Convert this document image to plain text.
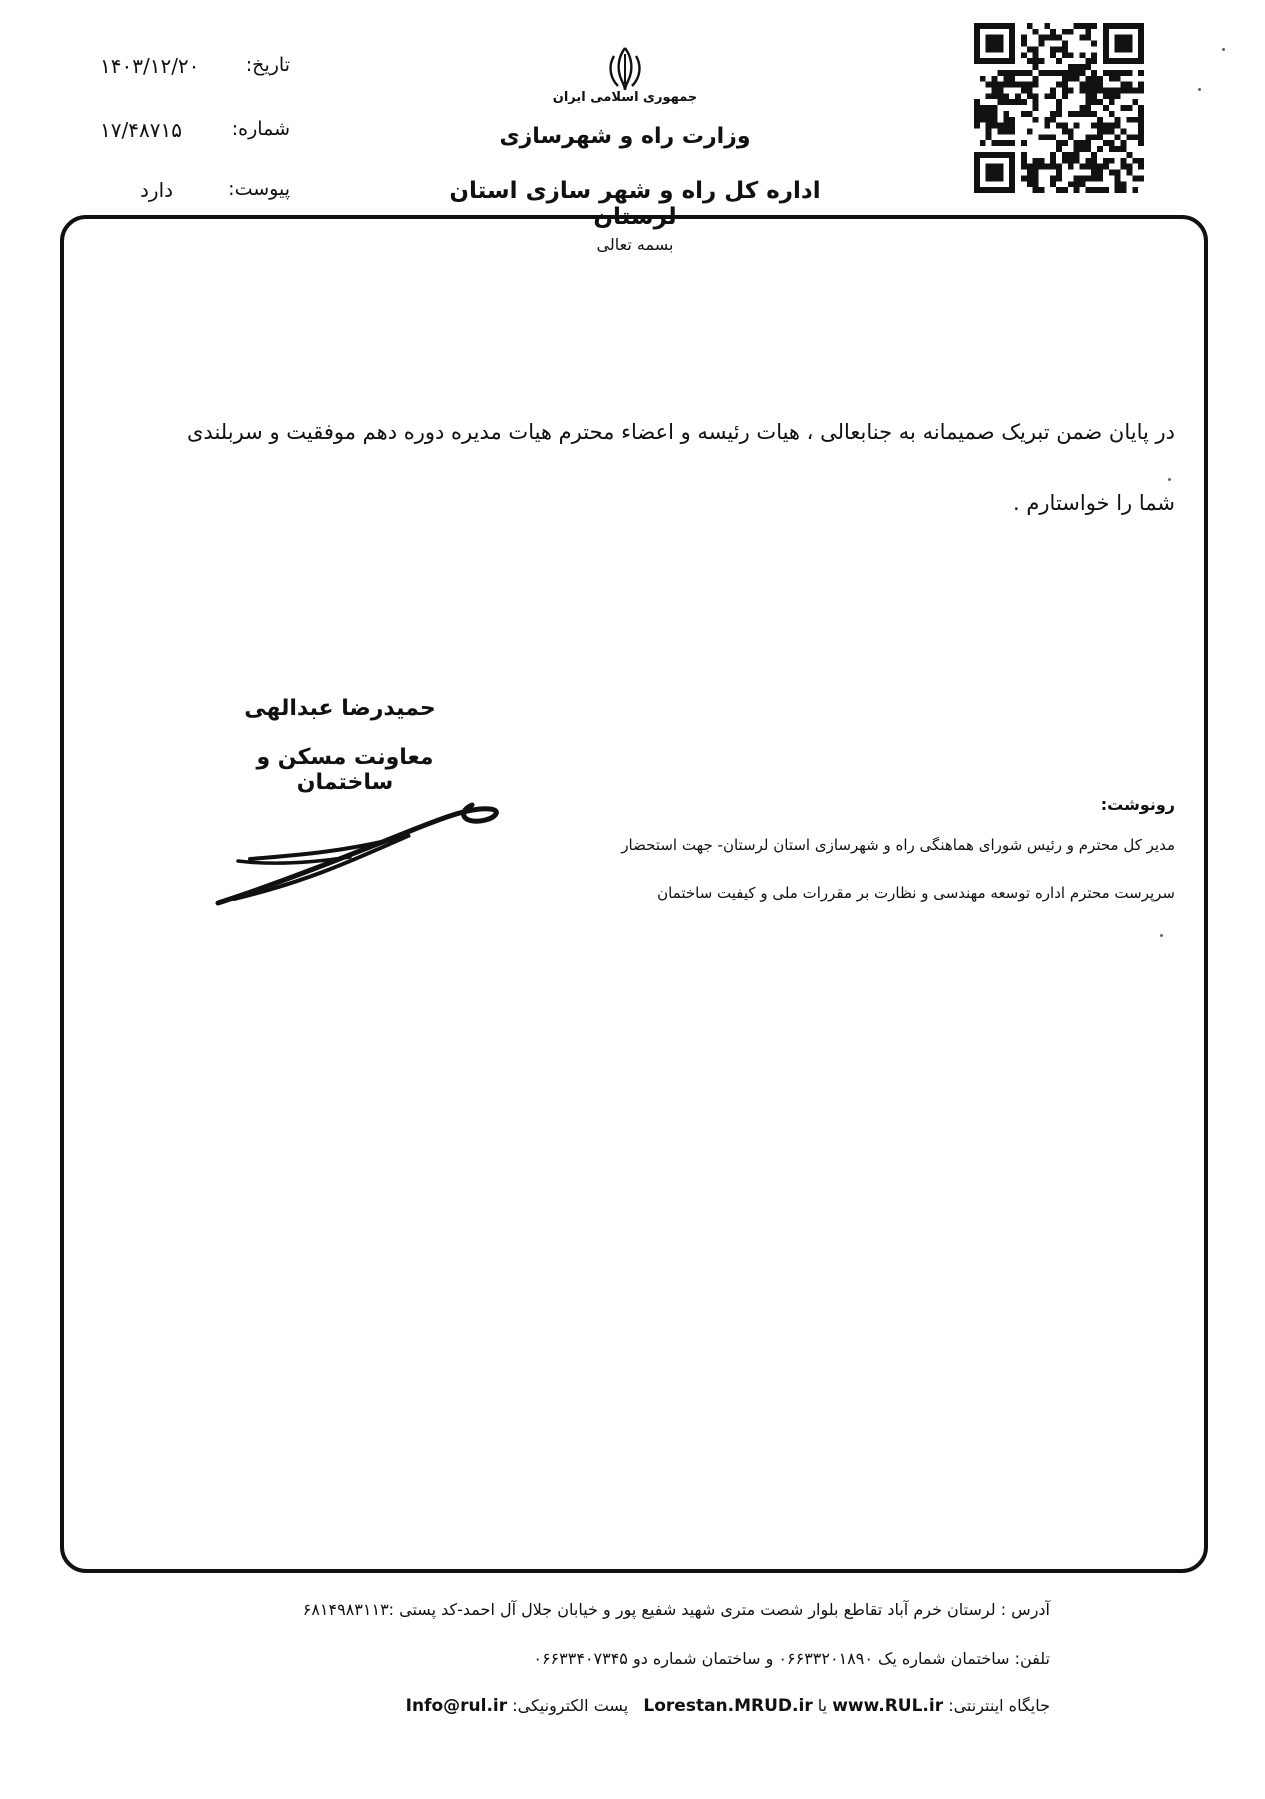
تاریخ:
۱۴۰۳/۱۲/۲۰
شماره:
۱۷/۴۸۷۱۵
پیوست:
دارد
جمهوری اسلامی ایران
وزارت راه و شهرسازی
اداره کل راه و شهر سازی استان لرستان
بسمه تعالی
در پایان ضمن تبریک صمیمانه به جنابعالی ، هیات رئیسه و اعضاء محترم هیات مدیره دوره دهم موفقیت و سربلندی
شما را خواستارم .
حمیدرضا عبدالهی
معاونت مسکن و ساختمان
رونوشت:
مدیر کل محترم و رئیس شورای هماهنگی راه و شهرسازی استان لرستان- جهت استحضار
سرپرست محترم اداره توسعه مهندسی و نظارت بر مقررات ملی و کیفیت ساختمان
آدرس : لرستان خرم آباد تقاطع بلوار شصت متری شهید شفیع پور و خیابان جلال آل احمد-کد پستی :۶۸۱۴۹۸۳۱۱۳
تلفن: ساختمان شماره یک ۰۶۶۳۳۲۰۱۸۹۰ و ساختمان شماره دو ۰۶۶۳۳۴۰۷۳۴۵
جایگاه اینترنتی: www.RUL.ir یا Lorestan.MRUD.ir   پست الکترونیکی: Info@rul.ir
